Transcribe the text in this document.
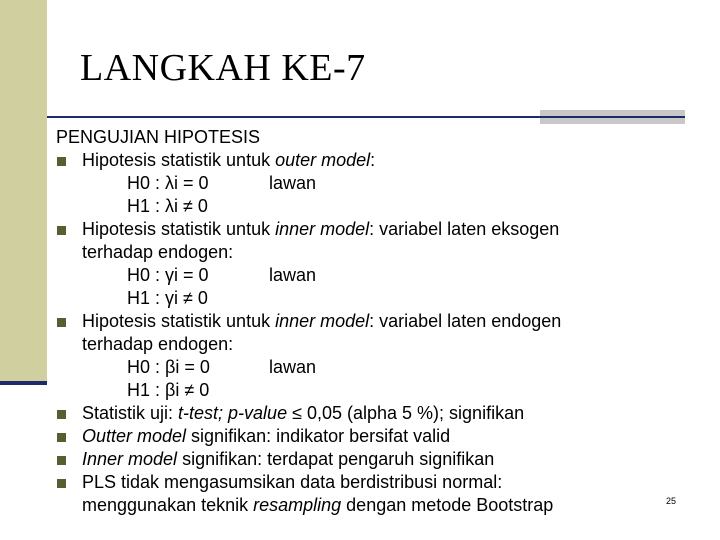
LANGKAH KE-7
PENGUJIAN HIPOTESIS
Hipotesis statistik untuk outer model:
H0 : λi = 0	lawan
H1 : λi ≠ 0
Hipotesis statistik untuk inner model: variabel laten eksogen
terhadap endogen:
H0 : γi = 0	lawan
H1 : γi ≠ 0
Hipotesis statistik untuk inner model: variabel laten endogen
terhadap endogen:
H0 : βi = 0	lawan
H1 : βi ≠ 0
Statistik uji: t-test; p-value ≤ 0,05 (alpha 5 %); signifikan
Outter model signifikan: indikator bersifat valid
Inner model signifikan: terdapat pengaruh signifikan
PLS tidak mengasumsikan data berdistribusi normal:
menggunakan teknik resampling dengan metode Bootstrap	25
